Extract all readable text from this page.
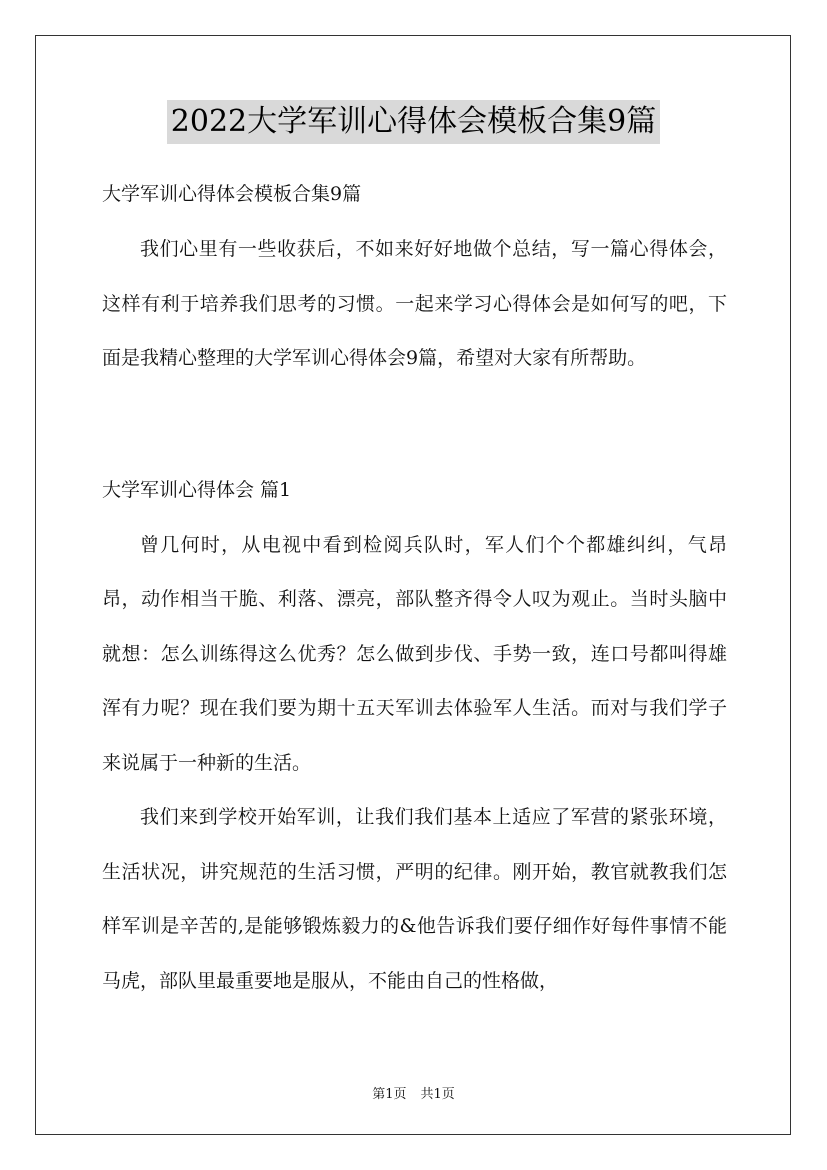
2022大学军训心得体会模板合集9篇

大学军训心得体会模板合集9篇

我们心里有一些收获后，不如来好好地做个总结，写一篇心得体会，这样有利于培养我们思考的习惯。一起来学习心得体会是如何写的吧，下面是我精心整理的大学军训心得体会9篇，希望对大家有所帮助。

大学军训心得体会 篇1

曾几何时，从电视中看到检阅兵队时，军人们个个都雄纠纠，气昂昂，动作相当干脆、利落、漂亮，部队整齐得令人叹为观止。当时头脑中就想：怎么训练得这么优秀？怎么做到步伐、手势一致，连口号都叫得雄浑有力呢？现在我们要为期十五天军训去体验军人生活。而对与我们学子来说属于一种新的生活。

我们来到学校开始军训，让我们我们基本上适应了军营的紧张环境，生活状况，讲究规范的生活习惯，严明的纪律。刚开始，教官就教我们怎样军训是辛苦的,是能够锻炼毅力的&他告诉我们要仔细作好每件事情不能马虎，部队里最重要地是服从，不能由自己的性格做，

第1页 共1页
